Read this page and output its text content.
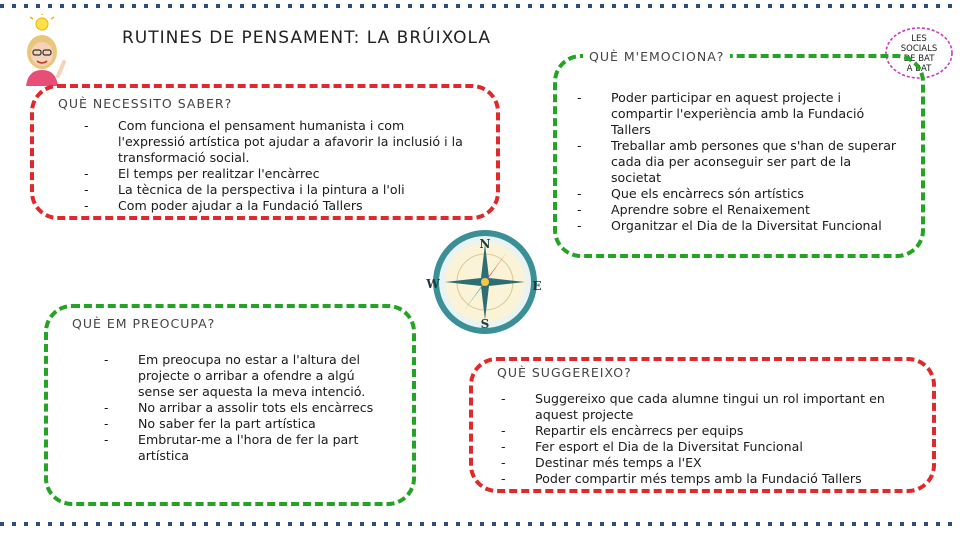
RUTINES DE PENSAMENT: LA BRÚIXOLA	LES
SOCIALS
DE BAT
A BAT
QUÈ NECESSITO SABER?
- Com funciona el pensament humanista i com l'expressió artística pot ajudar a afavorir la inclusió i la transformació social.
- El temps per realitzar l'encàrrec
- La tècnica de la perspectiva i la pintura a l'oli
- Com poder ajudar a la Fundació Tallers
QUÈ M'EMOCIONA?
- Poder participar en aquest projecte i compartir l'experiència amb la Fundació Tallers
- Treballar amb persones que s'han de superar cada dia per aconseguir ser part de la societat
- Que els encàrrecs són artístics
- Aprendre sobre el Renaixement
- Organitzar el Dia de la Diversitat Funcional
N
S
E
W
QUÈ EM PREOCUPA?
- Em preocupa no estar a l'altura del projecte o arribar a ofendre a algú sense ser aquesta la meva intenció.
- No arribar a assolir tots els encàrrecs
- No saber fer la part artística
- Embrutar-me a l'hora de fer la part artística
QUÈ SUGGEREIXO?
- Suggereixo que cada alumne tingui un rol important en aquest projecte
- Repartir els encàrrecs per equips
- Fer esport el Dia de la Diversitat Funcional
- Destinar més temps a l'EX
- Poder compartir més temps amb la Fundació Tallers
